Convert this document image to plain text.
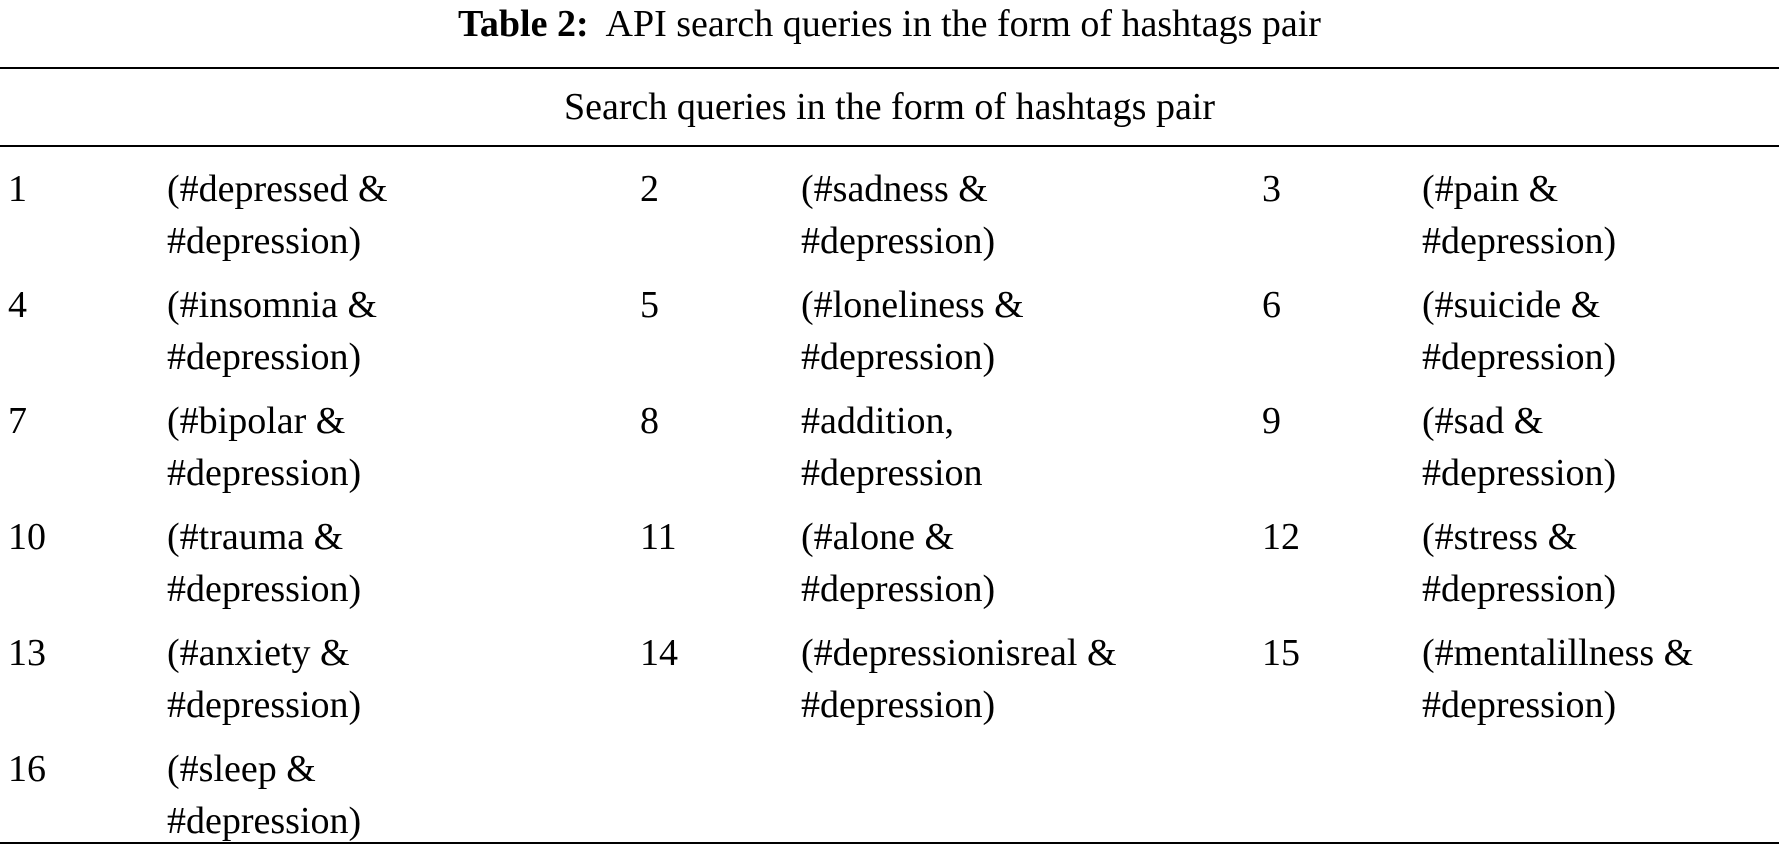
Table 2: API search queries in the form of hashtags pair
Search queries in the form of hashtags pair
1	(#depressed &
#depression)
2	(#sadness &
#depression)
3	(#pain &
#depression)
4	(#insomnia &
#depression)
5	(#loneliness &
#depression)
6	(#suicide &
#depression)
7	(#bipolar &
#depression)
8	#addition,
#depression
9	(#sad &
#depression)
10	(#trauma &
#depression)
11	(#alone &
#depression)
12	(#stress &
#depression)
13	(#anxiety &
#depression)
14	(#depressionisreal &
#depression)
15	(#mentalillness &
#depression)
16	(#sleep &
#depression)
